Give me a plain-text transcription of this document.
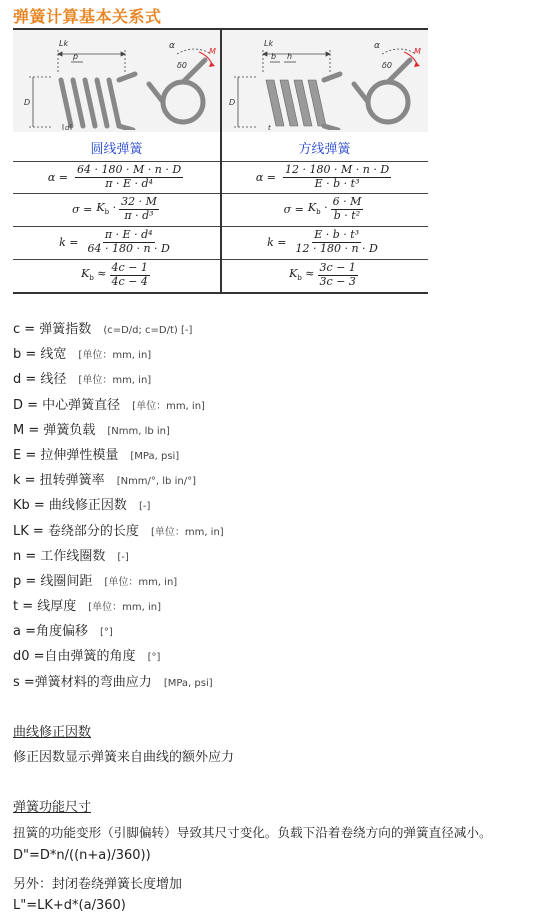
弹簧计算基本关系式
Lk
p
D
d
α
δ0
M
Lk
b h
D
t
α
δ0
M
圆线弹簧	方线弹簧
$\alpha = \frac{64 \cdot 180 \cdot M \cdot n \cdot D}{\text{π · E · d⁴}}$
$\sigma = K_b \cdot \frac{32 \cdot M}{\text{π · d³}}$
$k = \frac{\text{π · E · d⁴}}{64 \cdot 180 \cdot n \cdot D}$
$K_b \approx \frac{4c - 1}{4c - 4}$
$\alpha = \frac{12 \cdot 180 \cdot M \cdot n \cdot D}{\text{E · b · t³}}$
$\sigma = K_b \cdot \frac{6 \cdot M}{\text{b · t²}}$
$k = \frac{\text{E · b · t³}}{12 \cdot 180 \cdot n \cdot D}$
$K_b \approx \frac{3c - 1}{3c - 3}$
c = 弹簧指数 (c=D/d; c=D/t) [-]
b = 线宽 [单位：mm, in]
d = 线径 [单位：mm, in]
D = 中心弹簧直径 [单位：mm, in]
M = 弹簧负载 [Nmm, lb in]
E = 拉伸弹性模量 [MPa, psi]
k = 扭转弹簧率 [Nmm/°, lb in/°]
Kb = 曲线修正因数 [-]
LK = 卷绕部分的长度 [单位：mm, in]
n = 工作线圈数 [-]
p = 线圈间距 [单位：mm, in]
t = 线厚度 [单位：mm, in]
a =角度偏移 [°]
d0 =自由弹簧的角度 [°]
s =弹簧材料的弯曲应力 [MPa, psi]
曲线修正因数
修正因数显示弹簧来自曲线的额外应力
弹簧功能尺寸
扭簧的功能变形（引脚偏转）导致其尺寸变化。负载下沿着卷绕方向的弹簧直径减小。
D"=D*n/((n+a)/360))
另外：封闭卷绕弹簧长度增加
L"=LK+d*(a/360)
